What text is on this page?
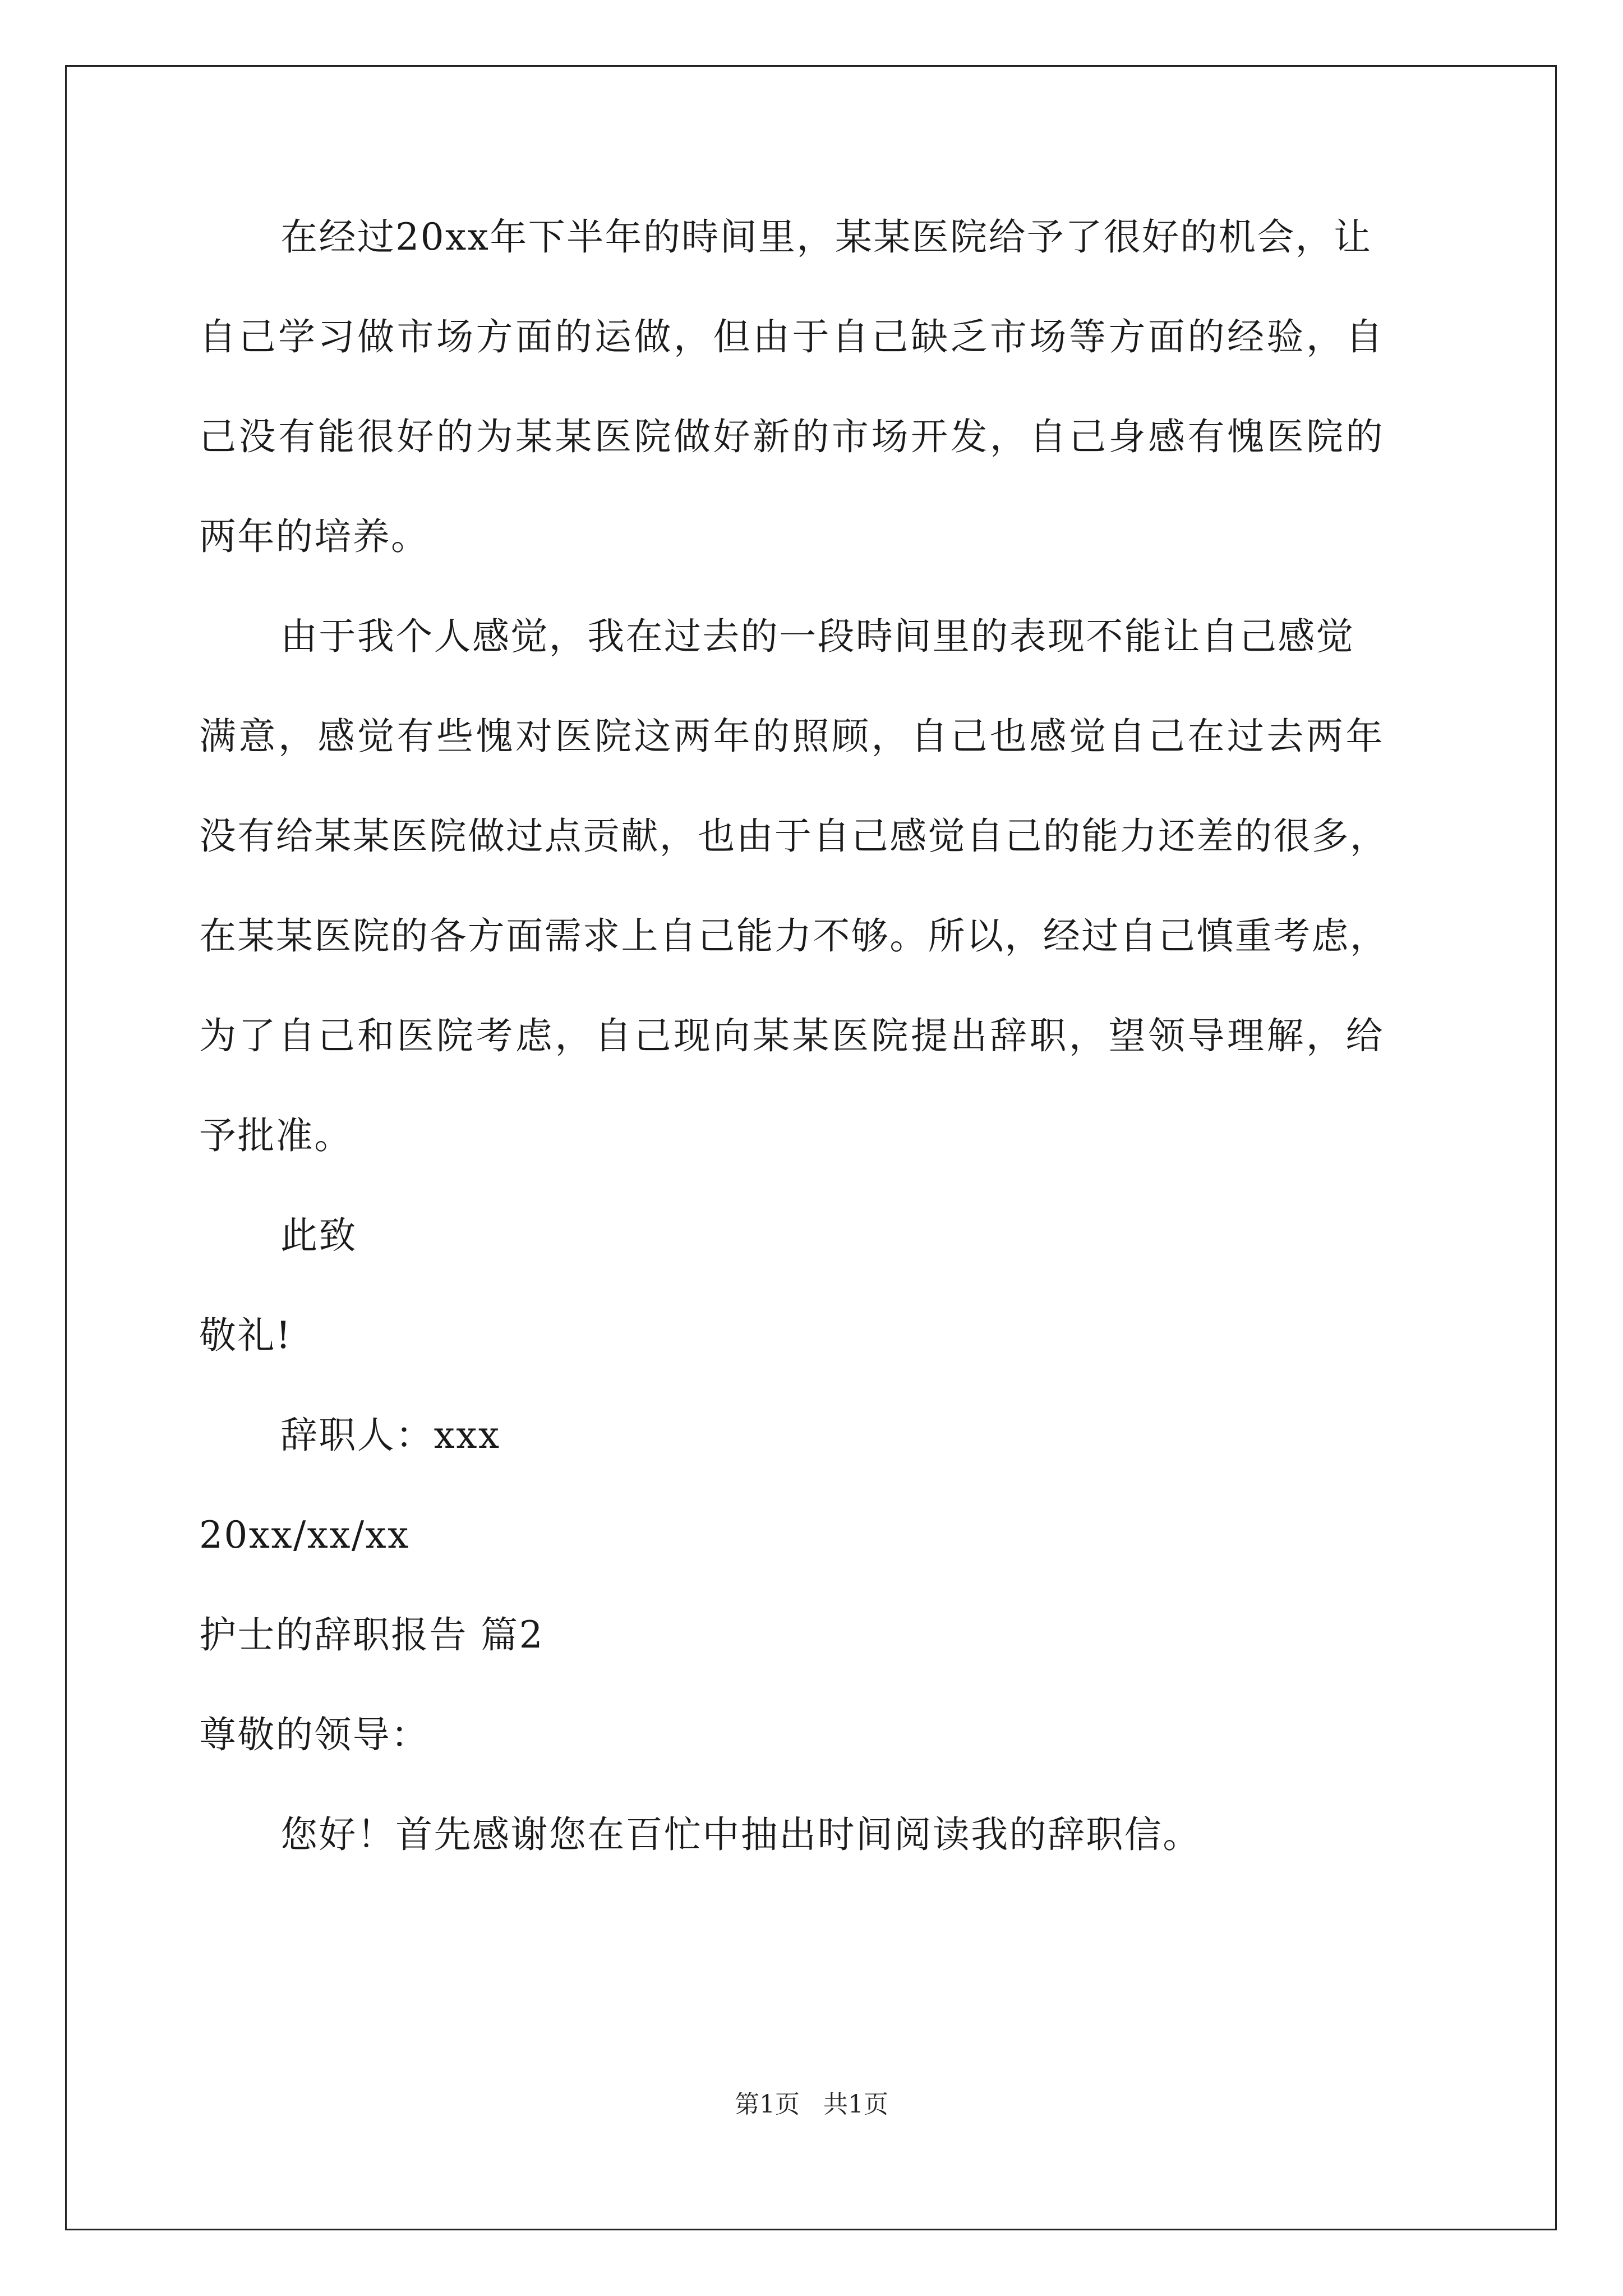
在经过20xx年下半年的時间里，某某医院给予了很好的机会，让
自己学习做市场方面的运做，但由于自己缺乏市场等方面的经验，自
己没有能很好的为某某医院做好新的市场开发，自己身感有愧医院的
两年的培养。
由于我个人感觉，我在过去的一段時间里的表现不能让自己感觉
满意，感觉有些愧对医院这两年的照顾，自己也感觉自己在过去两年
没有给某某医院做过点贡献，也由于自己感觉自己的能力还差的很多，
在某某医院的各方面需求上自己能力不够。所以，经过自己慎重考虑，
为了自己和医院考虑，自己现向某某医院提出辞职，望领导理解，给
予批准。
此致
敬礼!
辞职人：xxx
20xx/xx/xx
护士的辞职报告 篇2
尊敬的领导：
您好！首先感谢您在百忙中抽出时间阅读我的辞职信。
第1页 共1页
